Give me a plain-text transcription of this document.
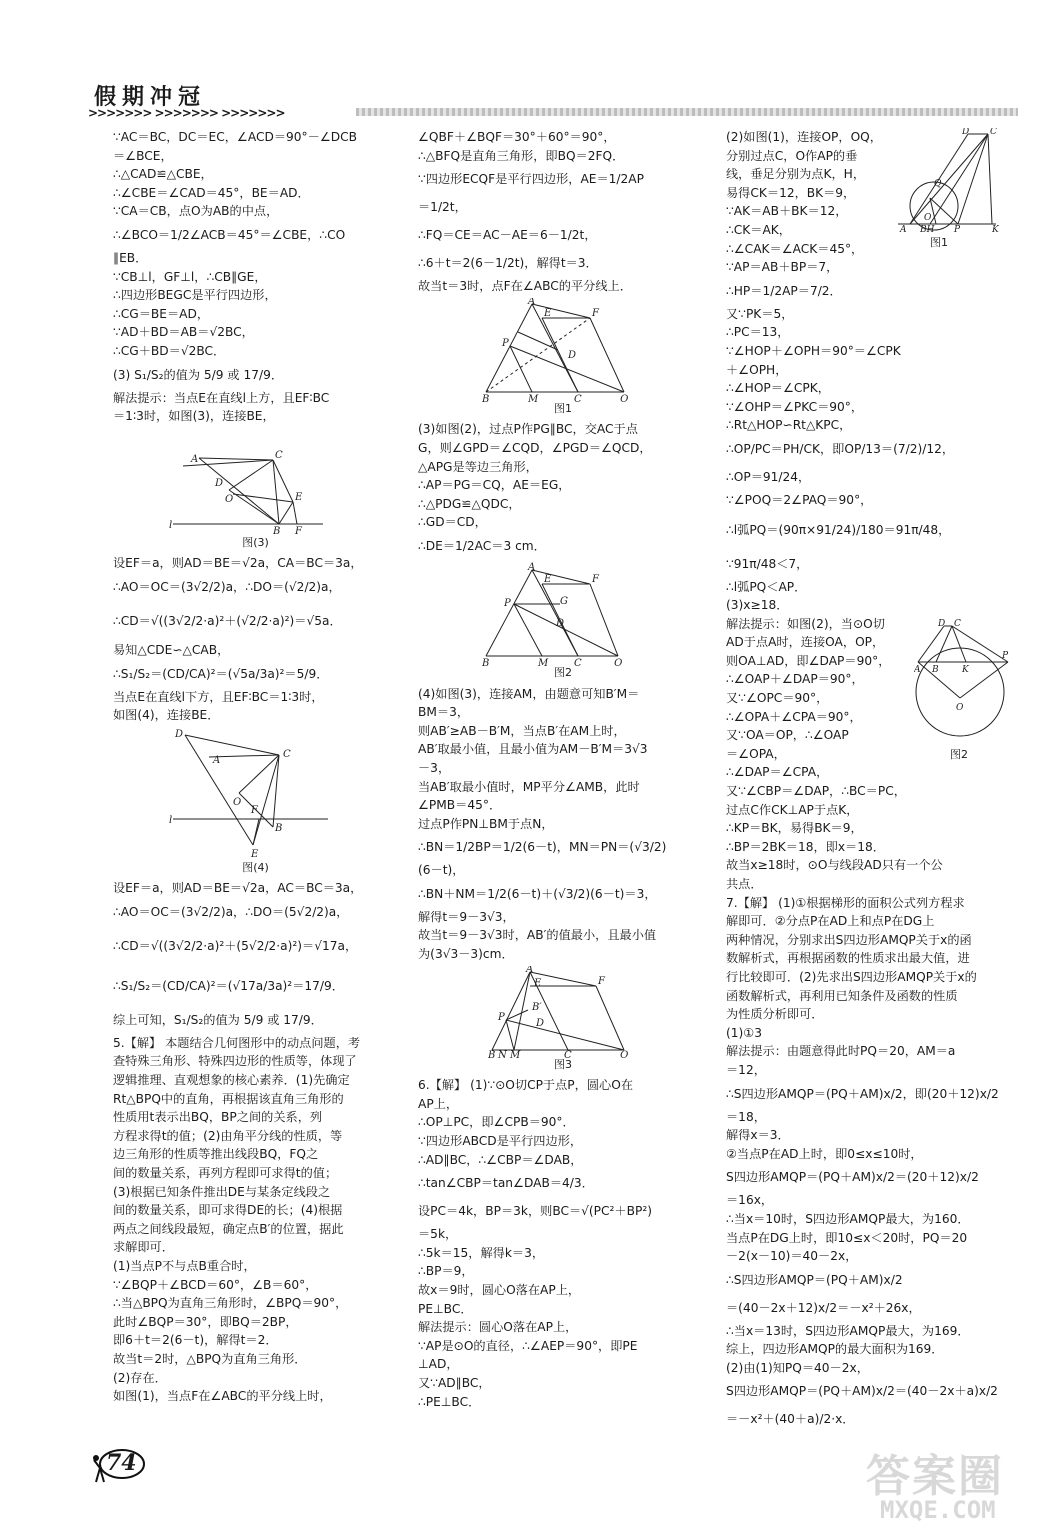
假期冲冠
>>>>>>> >>>>>>> >>>>>>>
∵AC＝BC，DC＝EC，∠ACD＝90°－∠DCB
＝∠BCE，
∴△CAD≌△CBE，
∴∠CBE＝∠CAD＝45°，BE＝AD．
∵CA＝CB，点O为AB的中点，
∴∠BCO＝1/2∠ACB＝45°＝∠CBE，∴CO
∥EB．
∵CB⊥l，GF⊥l，∴CB∥GE，
∴四边形BEGC是平行四边形，
∴CG＝BE＝AD，
∵AD＋BD＝AB＝√2BC，
∴CG＋BD＝√2BC．
(3) S₁/S₂的值为 5/9 或 17/9．
解法提示：当点E在直线l上方，且EF∶BC
＝1∶3时，如图(3)，连接BE，
A	C
D
O	E
l
B F
图(3)
设EF＝a，则AD＝BE＝√2a，CA＝BC＝3a，
∴AO＝OC＝(3√2/2)a，∴DO＝(√2/2)a，
∴CD＝√((3√2/2·a)²＋(√2/2·a)²)＝√5a．
易知△CDE∽△CAB，
∴S₁/S₂＝(CD/CA)²＝(√5a/3a)²＝5/9．
当点E在直线l下方，且EF∶BC＝1∶3时，
如图(4)，连接BE．
D
C
A
O
F
B
l
E
图(4)
设EF＝a，则AD＝BE＝√2a，AC＝BC＝3a，
∴AO＝OC＝(3√2/2)a，∴DO＝(5√2/2)a，
∴CD＝√((3√2/2·a)²＋(5√2/2·a)²)＝√17a，
∴S₁/S₂＝(CD/CA)²＝(√17a/3a)²＝17/9．
综上可知，S₁/S₂的值为 5/9 或 17/9．
5.【解】 本题结合几何图形中的动点问题，考
查特殊三角形、特殊四边形的性质等，体现了
逻辑推理、直观想象的核心素养．(1)先确定
Rt△BPQ中的直角，再根据该直角三角形的
性质用t表示出BQ，BP之间的关系，列
方程求得t的值；(2)由角平分线的性质，等
边三角形的性质等推出线段BQ，FQ之
间的数量关系，再列方程即可求得t的值；
(3)根据已知条件推出DE与某条定线段之
间的数量关系，即可求得DE的长；(4)根据
两点之间线段最短，确定点B′的位置，据此
求解即可．
(1)当点P不与点B重合时，
∵∠BQP＋∠BCD＝60°，∠B＝60°，
∴当△BPQ为直角三角形时，∠BPQ＝90°，
此时∠BQP＝30°，即BQ＝2BP，
即6＋t＝2(6－t)，解得t＝2．
故当t＝2时，△BPQ为直角三角形．
(2)存在．
如图(1)，当点F在∠ABC的平分线上时，
∠QBF＋∠BQF＝30°＋60°＝90°，
∴△BFQ是直角三角形，即BQ＝2FQ．
∵四边形ECQF是平行四边形，AE＝1/2AP
＝1/2t，
∴FQ＝CE＝AC－AE＝6－1/2t，
∴6＋t＝2(6－1/2t)，解得t＝3．
故当t＝3时，点F在∠ABC的平分线上．
A
E	F
P
D
B	M	C	Q
图1
(3)如图(2)，过点P作PG∥BC，交AC于点
G，则∠GPD＝∠CQD，∠PGD＝∠QCD，
△APG是等边三角形，
∴AP＝PG＝CQ，AE＝EG，
∴△PDG≌△QDC，
∴GD＝CD，
∴DE＝1/2AC＝3 cm．
A
E	F
P	G
D
B	M	C	Q
图2
(4)如图(3)，连接AM，由题意可知B′M＝
BM＝3，
则AB′≥AB－B′M，当点B′在AM上时，
AB′取最小值，且最小值为AM－B′M＝3√3
－3，
当AB′取最小值时，MP平分∠AMB，此时
∠PMB＝45°．
过点P作PN⊥BM于点N，
∴BN＝1/2BP＝1/2(6－t)，MN＝PN＝(√3/2)
(6－t)，
∴BN＋NM＝1/2(6－t)＋(√3/2)(6－t)＝3，
解得t＝9－3√3，
故当t＝9－3√3时，AB′的值最小，且最小值
为(3√3－3)cm．
A
E	F
B′
P
D
B N M	C	Q
图3
6.【解】 (1)∵⊙O切CP于点P，圆心O在
AP上，
∴OP⊥PC，即∠CPB＝90°．
∵四边形ABCD是平行四边形，
∴AD∥BC，∴∠CBP＝∠DAB，
∴tan∠CBP＝tan∠DAB＝4/3．
设PC＝4k，BP＝3k，则BC＝√(PC²＋BP²)
＝5k，
∴5k＝15，解得k＝3，
∴BP＝9，
故x＝9时，圆心O落在AP上，
PE⊥BC．
解法提示：圆心O落在AP上，
∵AP是⊙O的直径，∴∠AEP＝90°，即PE
⊥AD，
又∵AD∥BC，
∴PE⊥BC．
D C
Q
O
A BH P	K
图1
D C
A B	K
P
O
图2
(2)如图(1)，连接OP，OQ，
分别过点C，O作AP的垂
线，垂足分别为点K，H，
易得CK＝12，BK＝9，
∵AK＝AB＋BK＝12，
∴CK＝AK，
∴∠CAK＝∠ACK＝45°，
∵AP＝AB＋BP＝7，
∴HP＝1/2AP＝7/2．
又∵PK＝5，
∴PC＝13，
∵∠HOP＋∠OPH＝90°＝∠CPK
＋∠OPH，
∴∠HOP＝∠CPK，
∵∠OHP＝∠PKC＝90°，
∴Rt△HOP∽Rt△KPC，
∴OP/PC＝PH/CK，即OP/13＝(7/2)/12，
∴OP＝91/24，
∵∠POQ＝2∠PAQ＝90°，
∴l弧PQ＝(90π×91/24)/180＝91π/48，
∵91π/48＜7，
∴l弧PQ＜AP．
(3)x≥18．
解法提示：如图(2)，当⊙O切
AD于点A时，连接OA，OP，
则OA⊥AD，即∠DAP＝90°，
∴∠OAP＋∠DAP＝90°，
又∵∠OPC＝90°，
∴∠OPA＋∠CPA＝90°，
又∵OA＝OP，∴∠OAP
＝∠OPA，
∴∠DAP＝∠CPA，
又∵∠CBP＝∠DAP，∴BC＝PC，
过点C作CK⊥AP于点K，
∴KP＝BK，易得BK＝9，
∴BP＝2BK＝18，即x＝18．
故当x≥18时，⊙O与线段AD只有一个公
共点．
7.【解】 (1)①根据梯形的面积公式列方程求
解即可．②分点P在AD上和点P在DG上
两种情况，分别求出S四边形AMQP关于x的函
数解析式，再根据函数的性质求出最大值，进
行比较即可．(2)先求出S四边形AMQP关于x的
函数解析式，再利用已知条件及函数的性质
为性质分析即可．
(1)①3
解法提示：由题意得此时PQ＝20，AM＝a
＝12，
∴S四边形AMQP＝(PQ＋AM)x/2，即(20＋12)x/2
＝18，
解得x＝3．
②当点P在AD上时，即0≤x≤10时，
S四边形AMQP＝(PQ＋AM)x/2＝(20＋12)x/2
＝16x，
∴当x＝10时，S四边形AMQP最大，为160．
当点P在DG上时，即10≤x＜20时，PQ＝20
－2(x－10)＝40－2x，
∴S四边形AMQP＝(PQ＋AM)x/2
＝(40－2x＋12)x/2＝－x²＋26x，
∴当x＝13时，S四边形AMQP最大，为169．
综上，四边形AMQP的最大面积为169．
(2)由(1)知PQ＝40－2x，
S四边形AMQP＝(PQ＋AM)x/2＝(40－2x＋a)x/2
＝－x²＋(40＋a)/2·x．
74	答案圈
MXQE.COM
